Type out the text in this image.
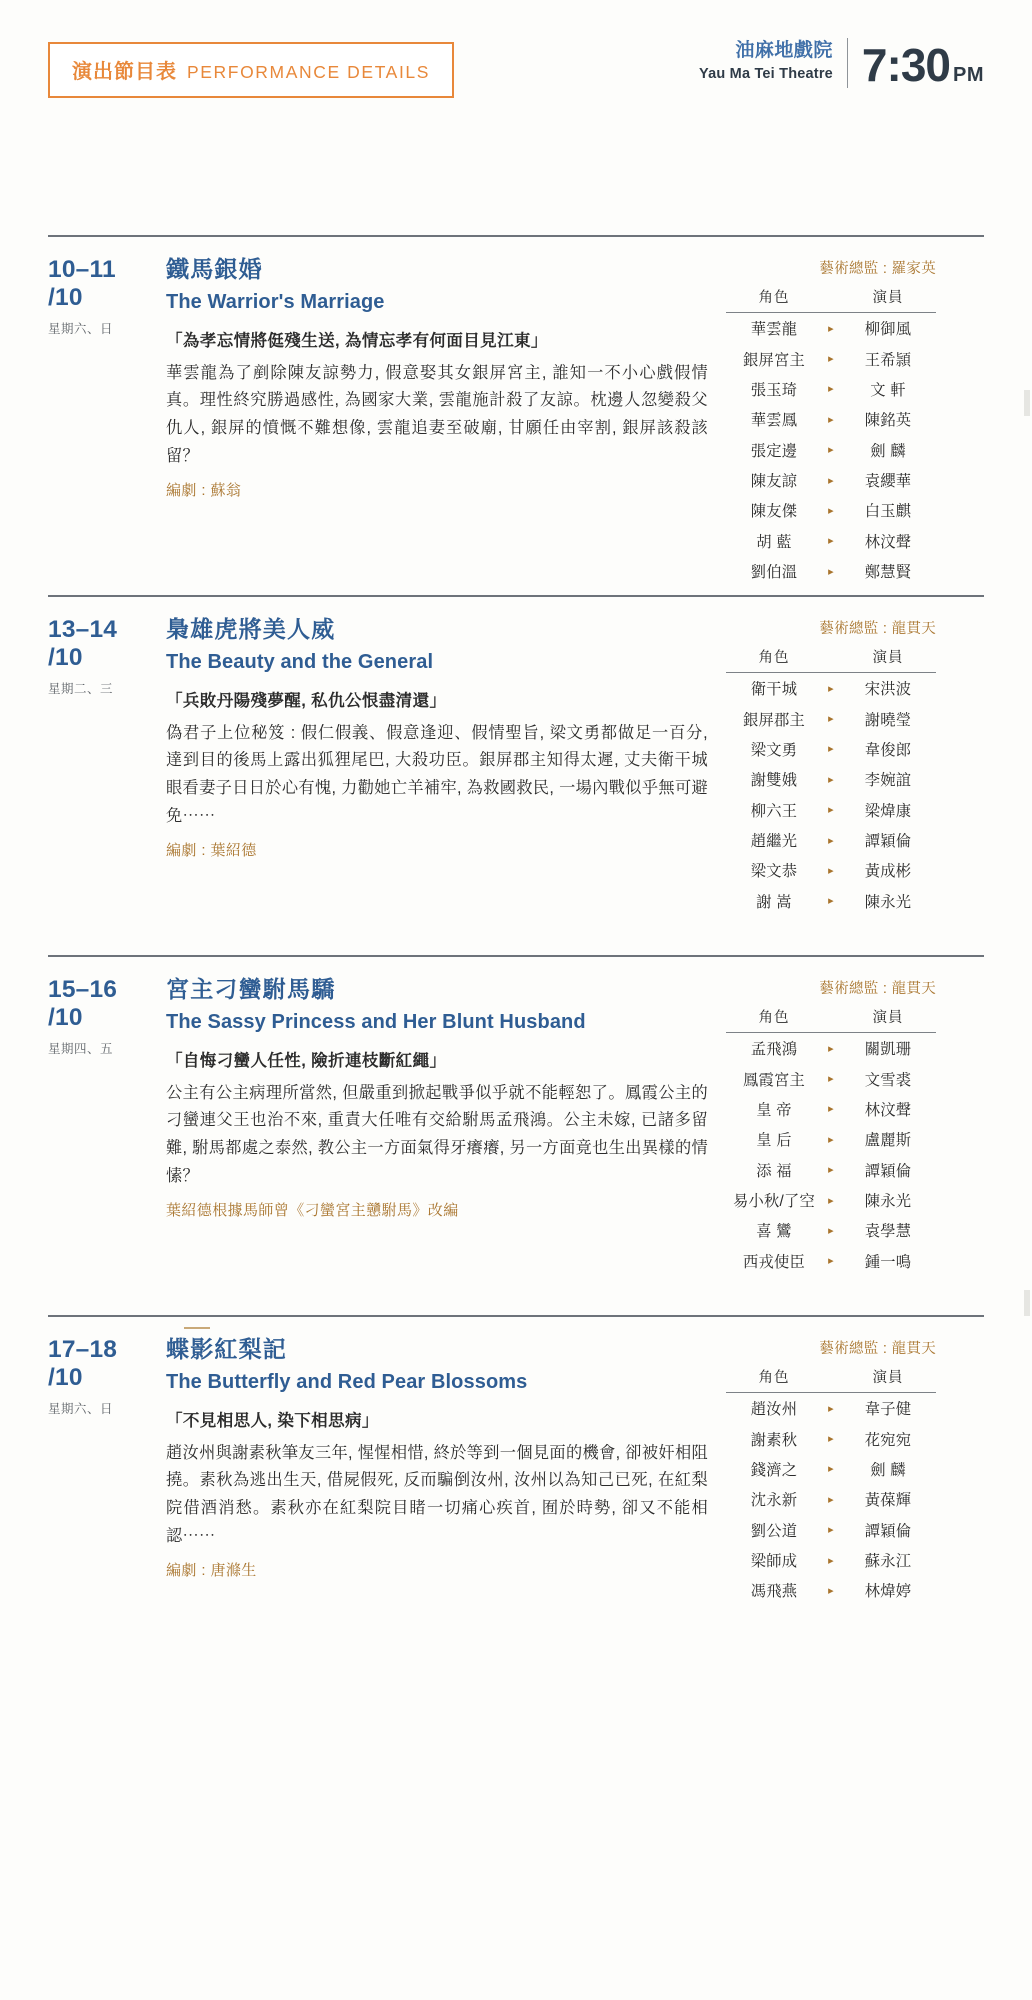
演出節目表 PERFORMANCE DETAILS
油麻地戲院
Yau Ma Tei Theatre 7:30 PM
10–11
/10
星期六、日
鐵馬銀婚
The Warrior's Marriage
「為孝忘情將侹殘生送, 為情忘孝有何面目見江東」
華雲龍為了剷除陳友諒勢力, 假意娶其女銀屏宮主, 誰知一不小心戲假情真。理性終究勝過感性, 為國家大業, 雲龍施計殺了友諒。枕邊人忽變殺父仇人, 銀屏的憤慨不難想像, 雲龍追妻至破廟, 甘願任由宰割, 銀屏該殺該留？
編劇 : 蘇翁
藝術總監 : 羅家英
角色		演員
華雲龍	▸	柳御風
銀屏宮主	▸	王希頴
張玉琦	▸	文 軒
華雲鳳	▸	陳銘英
張定邊	▸	劍 麟
陳友諒	▸	袁纓華
陳友傑	▸	白玉麒
胡 藍	▸	林汶聲
劉伯溫	▸	鄭慧賢
13–14
/10
星期二、三
梟雄虎將美人威
The Beauty and the General
「兵敗丹陽殘夢醒, 私仇公恨盡清還」
偽君子上位秘笈 : 假仁假義、假意逢迎、假情聖旨, 梁文勇都做足一百分, 達到目的後馬上露出狐狸尾巴, 大殺功臣。銀屏郡主知得太遲, 丈夫衛干城眼看妻子日日於心有愧, 力勸她亡羊補牢, 為救國救民, 一場內戰似乎無可避免⋯⋯
編劇 : 葉紹德
藝術總監 : 龍貫天
角色		演員
衛干城	▸	宋洪波
銀屏郡主	▸	謝曉瑩
梁文勇	▸	韋俊郎
謝雙娥	▸	李婉誼
柳六王	▸	梁煒康
趙繼光	▸	譚穎倫
梁文恭	▸	黃成彬
謝 嵩	▸	陳永光
15–16
/10
星期四、五
宮主刁蠻駙馬驕
The Sassy Princess and Her Blunt Husband
「自悔刁蠻人任性, 險折連枝斷紅繩」
公主有公主病理所當然, 但嚴重到掀起戰爭似乎就不能輕恕了。鳳霞公主的刁蠻連父王也治不來, 重責大任唯有交給駙馬孟飛鴻。公主未嫁, 已諸多留難, 駙馬都處之泰然, 教公主一方面氣得牙癢癢, 另一方面竟也生出異樣的情愫？
葉紹德根據馬師曾《刁蠻宮主戇駙馬》改編
藝術總監 : 龍貫天
角色		演員
孟飛鴻	▸	關凱珊
鳳霞宮主	▸	文雪裘
皇 帝	▸	林汶聲
皇 后	▸	盧麗斯
添 福	▸	譚穎倫
易小秋/了空	▸	陳永光
喜 鸞	▸	袁學慧
西戎使臣	▸	鍾一鳴
17–18
/10
星期六、日
蝶影紅梨記
The Butterfly and Red Pear Blossoms
「不見相思人, 染下相思病」
趙汝州與謝素秋筆友三年, 惺惺相惜, 終於等到一個見面的機會, 卻被奸相阻撓。素秋為逃出生天, 借屍假死, 反而騙倒汝州, 汝州以為知己已死, 在紅梨院借酒消愁。素秋亦在紅梨院目睹一切痛心疾首, 囿於時勢, 卻又不能相認⋯⋯
編劇 : 唐滌生
藝術總監 : 龍貫天
角色		演員
趙汝州	▸	韋子健
謝素秋	▸	花宛宛
錢濟之	▸	劍 麟
沈永新	▸	黃葆輝
劉公道	▸	譚穎倫
梁師成	▸	蘇永江
馮飛燕	▸	林煒婷
